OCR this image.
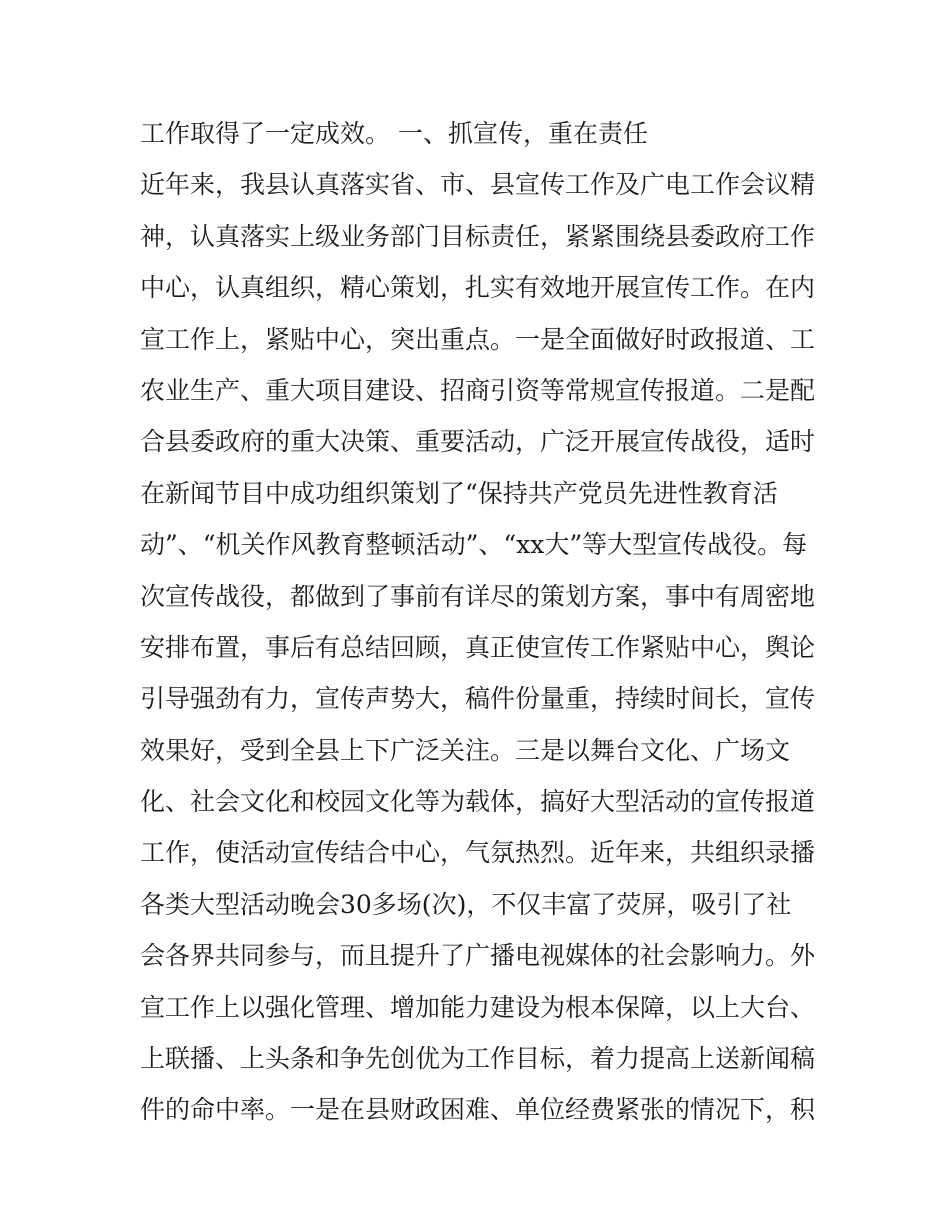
工作取得了一定成效。 一、抓宣传，重在责任
近年来，我县认真落实省、市、县宣传工作及广电工作会议精
神，认真落实上级业务部门目标责任，紧紧围绕县委政府工作
中心，认真组织，精心策划，扎实有效地开展宣传工作。在内
宣工作上，紧贴中心，突出重点。一是全面做好时政报道、工
农业生产、重大项目建设、招商引资等常规宣传报道。二是配
合县委政府的重大决策、重要活动，广泛开展宣传战役，适时
在新闻节目中成功组织策划了“保持共产党员先进性教育活
动”、“机关作风教育整顿活动”、“xx大”等大型宣传战役。每
次宣传战役，都做到了事前有详尽的策划方案，事中有周密地
安排布置，事后有总结回顾，真正使宣传工作紧贴中心，舆论
引导强劲有力，宣传声势大，稿件份量重，持续时间长，宣传
效果好，受到全县上下广泛关注。三是以舞台文化、广场文
化、社会文化和校园文化等为载体，搞好大型活动的宣传报道
工作，使活动宣传结合中心，气氛热烈。近年来，共组织录播
各类大型活动晚会30多场(次)，不仅丰富了荧屏，吸引了社
会各界共同参与，而且提升了广播电视媒体的社会影响力。外
宣工作上以强化管理、增加能力建设为根本保障，以上大台、
上联播、上头条和争先创优为工作目标，着力提高上送新闻稿
件的命中率。一是在县财政困难、单位经费紧张的情况下，积
